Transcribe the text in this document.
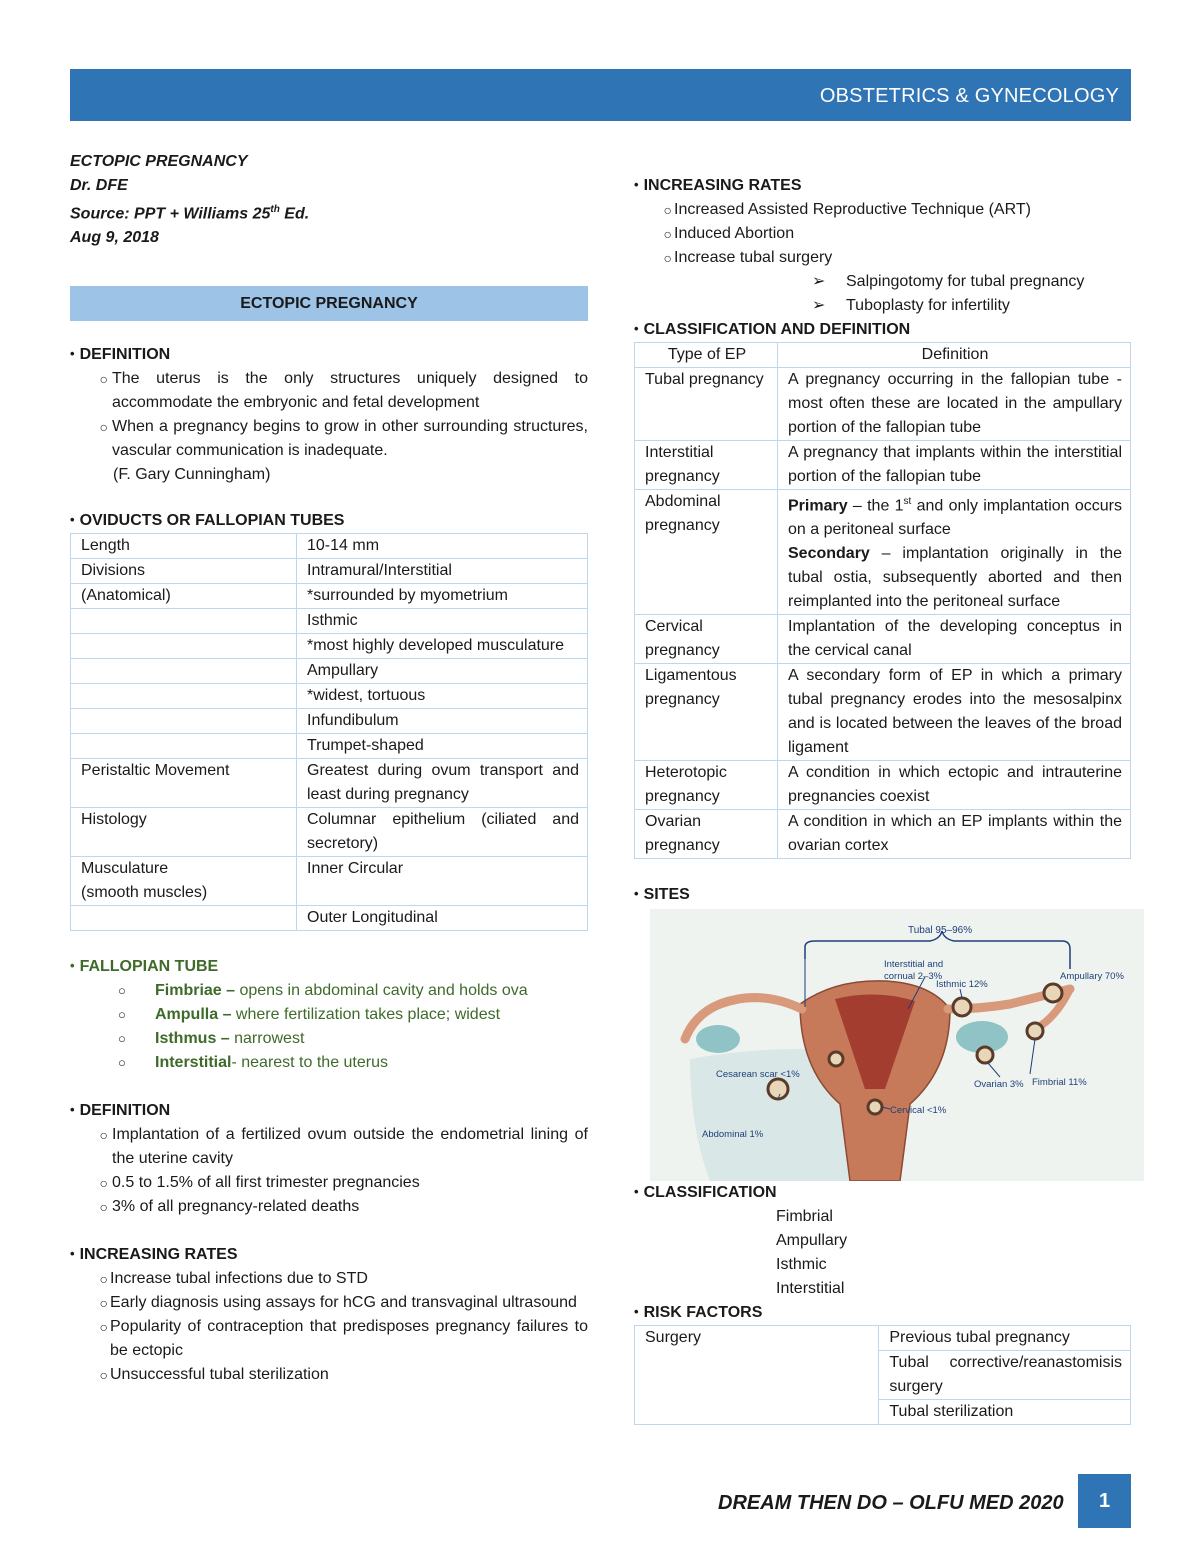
OBSTETRICS & GYNECOLOGY
ECTOPIC PREGNANCY
Dr. DFE
Source: PPT + Williams 25th Ed.
Aug 9, 2018
ECTOPIC PREGNANCY
• DEFINITION
○ The uterus is the only structures uniquely designed to accommodate the embryonic and fetal development
○ When a pregnancy begins to grow in other surrounding structures, vascular communication is inadequate.
(F. Gary Cunningham)
• OVIDUCTS OR FALLOPIAN TUBES
Length	10-14 mm
Divisions	Intramural/Interstitial
(Anatomical)	*surrounded by myometrium
	Isthmic
	*most highly developed musculature
	Ampullary
	*widest, tortuous
	Infundibulum
	Trumpet-shaped
Peristaltic Movement	Greatest during ovum transport and least during pregnancy
Histology	Columnar epithelium (ciliated and secretory)
Musculature
(smooth muscles)	Inner Circular
	Outer Longitudinal
• FALLOPIAN TUBE
○	Fimbriae – opens in abdominal cavity and holds ova
○	Ampulla – where fertilization takes place; widest
○	Isthmus – narrowest
○	Interstitial- nearest to the uterus
• DEFINITION
○ Implantation of a fertilized ovum outside the endometrial lining of the uterine cavity
○ 0.5 to 1.5% of all first trimester pregnancies
○ 3% of all pregnancy-related deaths
• INCREASING RATES
○ Increase tubal infections due to STD
○ Early diagnosis using assays for hCG and transvaginal ultrasound
○ Popularity of contraception that predisposes pregnancy failures to be ectopic
○ Unsuccessful tubal sterilization
• INCREASING RATES
○ Increased Assisted Reproductive Technique (ART)
○ Induced Abortion
○ Increase tubal surgery
➢	Salpingotomy for tubal pregnancy
➢	Tuboplasty for infertility
• CLASSIFICATION AND DEFINITION
Type of EP	Definition
Tubal pregnancy	A pregnancy occurring in the fallopian tube - most often these are located in the ampullary portion of the fallopian tube
Interstitial pregnancy	A pregnancy that implants within the interstitial portion of the fallopian tube
Abdominal pregnancy	Primary – the 1st and only implantation occurs on a peritoneal surface
Secondary – implantation originally in the tubal ostia, subsequently aborted and then reimplanted into the peritoneal surface
Cervical pregnancy	Implantation of the developing conceptus in the cervical canal
Ligamentous pregnancy	A secondary form of EP in which a primary tubal pregnancy erodes into the mesosalpinx and is located between the leaves of the broad ligament
Heterotopic pregnancy	A condition in which ectopic and intrauterine pregnancies coexist
Ovarian pregnancy	A condition in which an EP implants within the ovarian cortex
• SITES
Tubal 95–96%
Interstitial and
cornual 2–3%
Isthmic 12%
Ampullary 70%
Fimbrial 11%
Ovarian 3%
Cesarean scar <1%
Cervical <1%
Abdominal 1%
• CLASSIFICATION
Fimbrial
Ampullary
Isthmic
Interstitial
• RISK FACTORS
Surgery	Previous tubal pregnancy
Tubal corrective/reanastomisis surgery
Tubal sterilization
DREAM THEN DO – OLFU MED 2020	1
